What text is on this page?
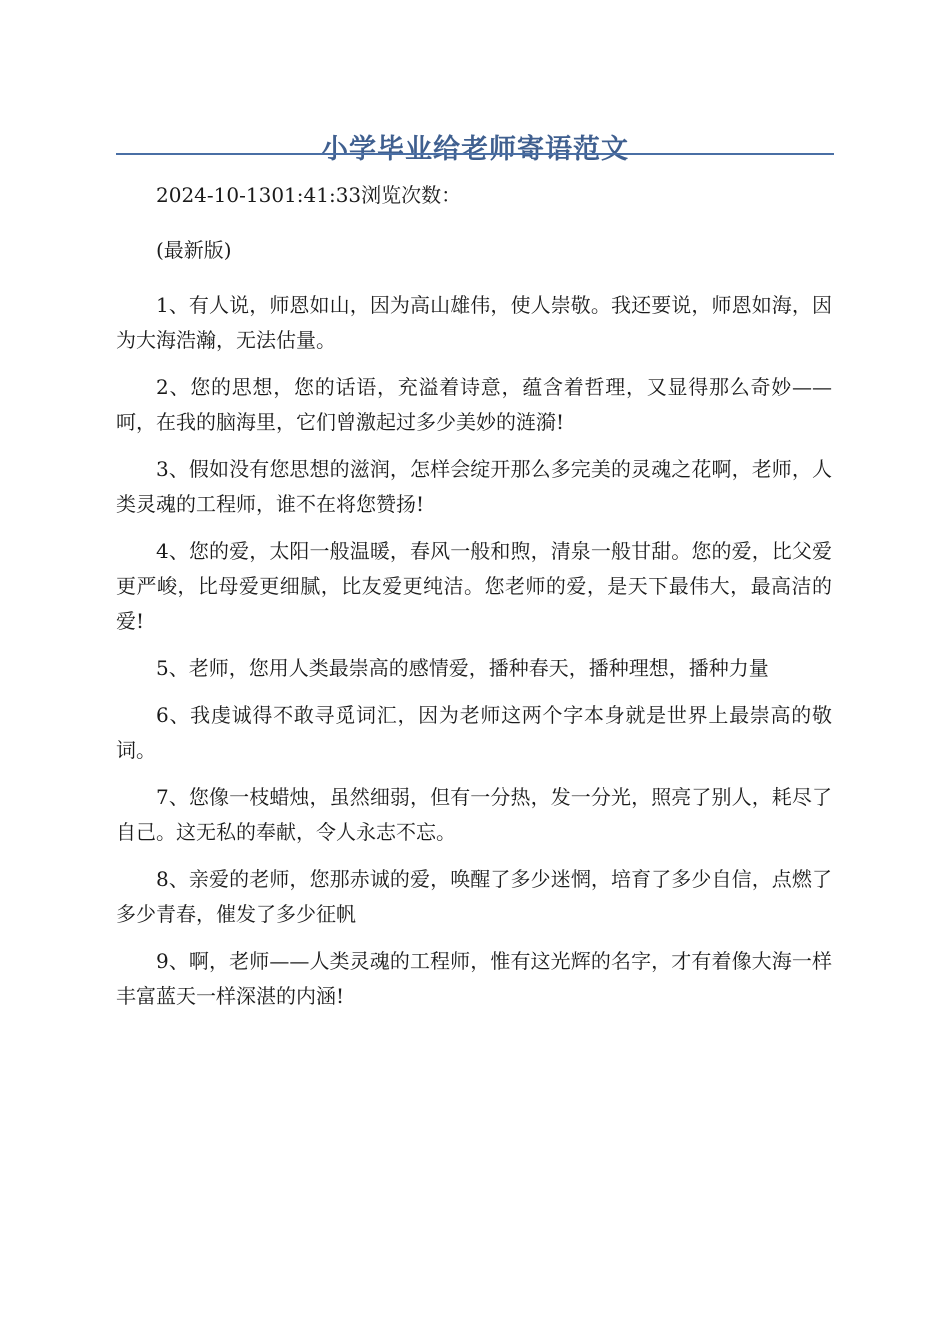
小学毕业给老师寄语范文

2024-10-1301:41:33浏览次数：

(最新版)

1、有人说，师恩如山，因为高山雄伟，使人崇敬。我还要说，师恩如海，因为大海浩瀚，无法估量。

2、您的思想，您的话语，充溢着诗意，蕴含着哲理，又显得那么奇妙——呵，在我的脑海里，它们曾激起过多少美妙的涟漪!

3、假如没有您思想的滋润，怎样会绽开那么多完美的灵魂之花啊，老师，人类灵魂的工程师，谁不在将您赞扬!

4、您的爱，太阳一般温暖，春风一般和煦，清泉一般甘甜。您的爱，比父爱更严峻，比母爱更细腻，比友爱更纯洁。您老师的爱，是天下最伟大，最高洁的爱!

5、老师，您用人类最崇高的感情爱，播种春天，播种理想，播种力量

6、我虔诚得不敢寻觅词汇，因为老师这两个字本身就是世界上最崇高的敬词。

7、您像一枝蜡烛，虽然细弱，但有一分热，发一分光，照亮了别人，耗尽了自己。这无私的奉献，令人永志不忘。

8、亲爱的老师，您那赤诚的爱，唤醒了多少迷惘，培育了多少自信，点燃了多少青春，催发了多少征帆

9、啊，老师——人类灵魂的工程师，惟有这光辉的名字，才有着像大海一样丰富蓝天一样深湛的内涵!
